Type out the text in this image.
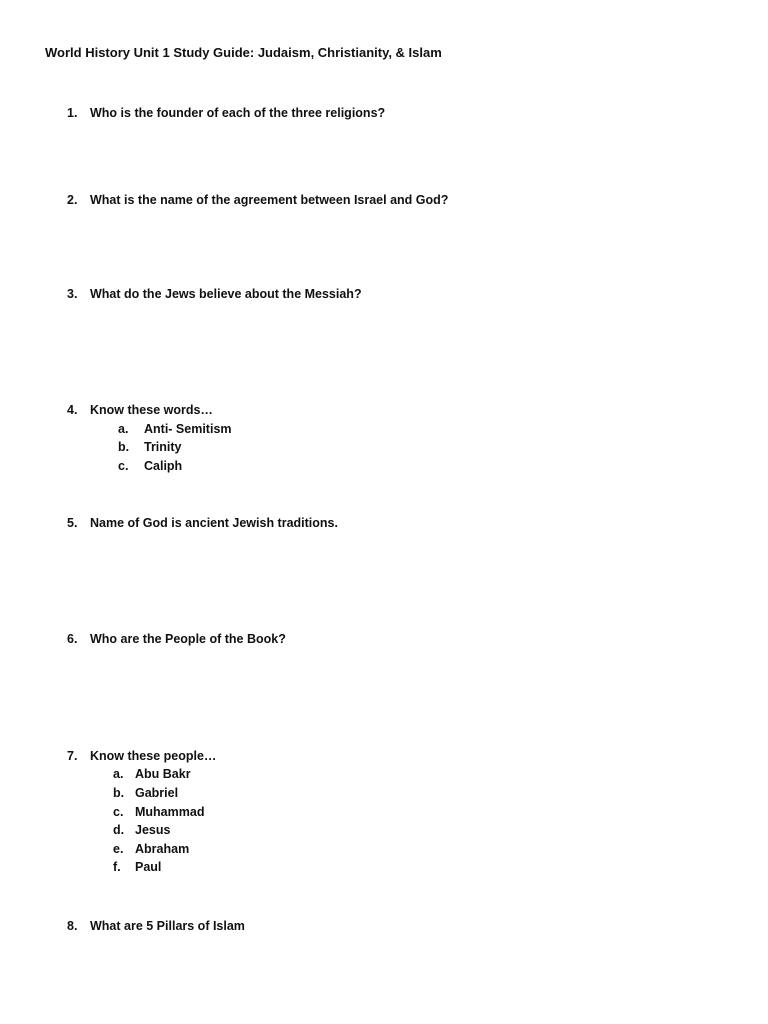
World History Unit 1 Study Guide: Judaism, Christianity, & Islam
1. Who is the founder of each of the three religions?
2. What is the name of the agreement between Israel and God?
3. What do the Jews believe about the Messiah?
4. Know these words…
a. Anti- Semitism
b. Trinity
c. Caliph
5. Name of God is ancient Jewish traditions.
6. Who are the People of the Book?
7. Know these people…
a. Abu Bakr
b. Gabriel
c. Muhammad
d. Jesus
e. Abraham
f. Paul
8. What are 5 Pillars of Islam
